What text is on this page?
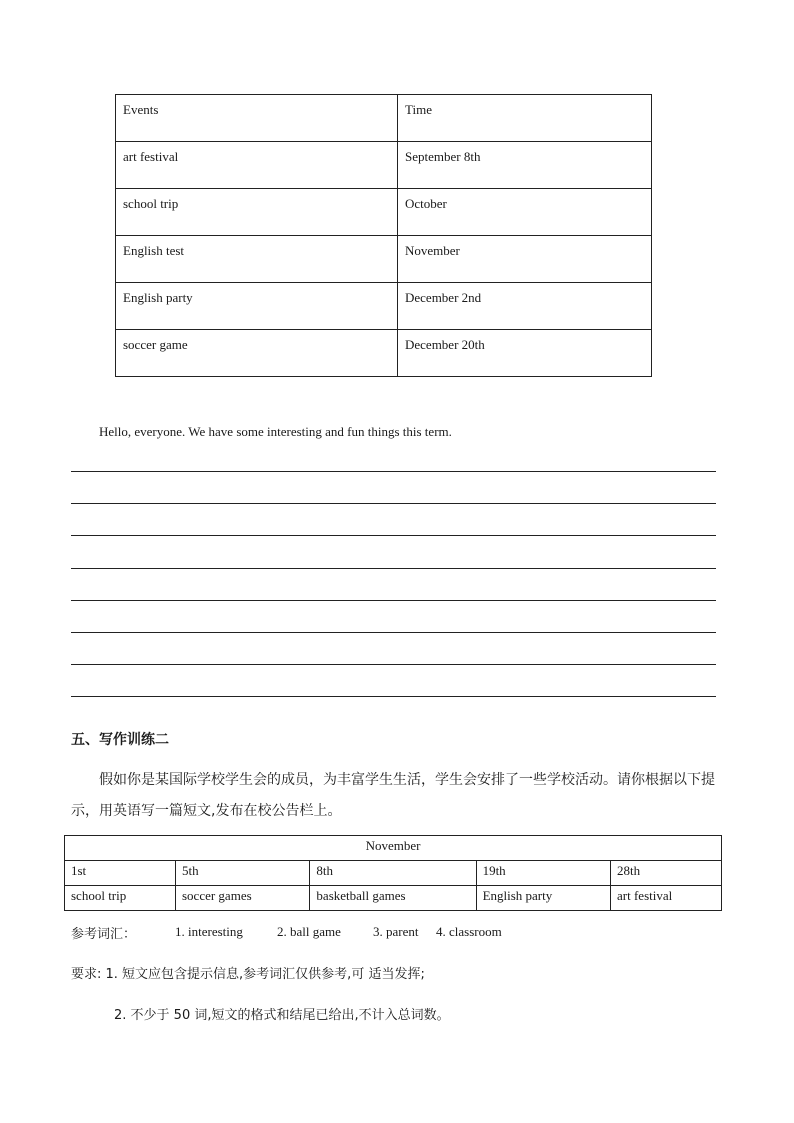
Events	Time
art festival	September 8th
school trip	October
English test	November
English party	December 2nd
soccer game	December 20th
Hello, everyone. We have some interesting and fun things this term.
五、写作训练二
假如你是某国际学校学生会的成员，为丰富学生生活，学生会安排了一些学校活动。请你根据以下提示，用英语写一篇短文,发布在校公告栏上。
November				
1st	5th	8th	19th	28th
school trip	soccer games	basketball games	English party	art festival
参考词汇：	1. interesting	2. ball game 3. parent 4. classroom
要求: 1. 短文应包含提示信息,参考词汇仅供参考,可 适当发挥;
2. 不少于 50 词,短文的格式和结尾已给出,不计入总词数。
